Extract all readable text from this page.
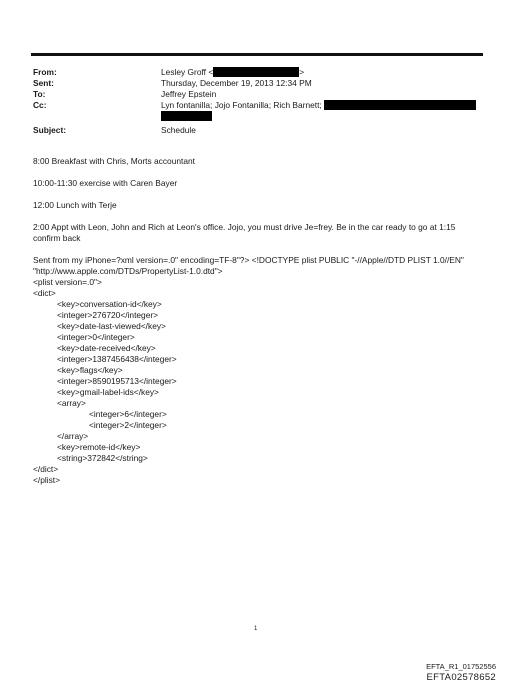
From:
Sent:
To:
Cc:
Subject:
Lesley Groff <	>
Thursday, December 19, 2013 12:34 PM
Jeffrey Epstein
Lyn fontanilla; Jojo Fontanilla; Rich Barnett;
Schedule
8:00 Breakfast with Chris, Morts accountant
10:00-11:30 exercise with Caren Bayer
12:00 Lunch with Terje
2:00 Appt with Leon, John and Rich at Leon's office. Jojo, you must drive Je=frey. Be in the car ready to go at 1:15 confirm back
Sent from my iPhone=?xml version=.0" encoding=TF-8"?> <!DOCTYPE plist PUBLIC "-//Apple//DTD PLIST 1.0//EN"
"http://www.apple.com/DTDs/PropertyList-1.0.dtd">
<plist version=.0">
<dict>
<key>conversation-id</key>
<integer>276720</integer>
<key>date-last-viewed</key>
<integer>0</integer>
<key>date-received</key>
<integer>1387456438</integer>
<key>flags</key>
<integer>8590195713</integer>
<key>gmail-label-ids</key>
<array>
<integer>6</integer>
<integer>2</integer>
</array>
<key>remote-id</key>
<string>372842</string>
</dict>
</plist>
1
EFTA_R1_01752556
EFTA02578652
